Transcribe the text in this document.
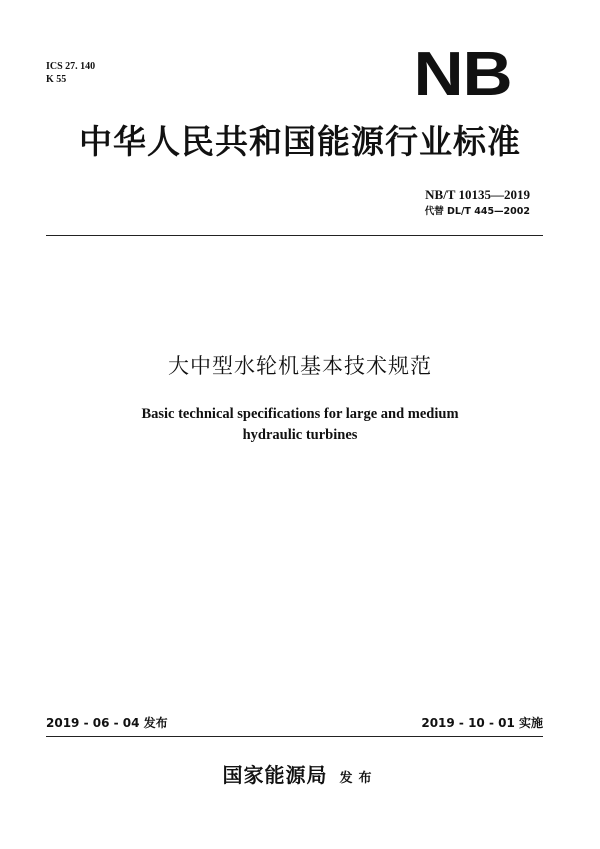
ICS 27. 140
K 55	NB
中华人民共和国能源行业标准
NB/T 10135—2019
代替 DL/T 445—2002
大中型水轮机基本技术规范
Basic technical specifications for large and medium
hydraulic turbines
2019 - 06 - 04 发布	2019 - 10 - 01 实施
国家能源局 发布
